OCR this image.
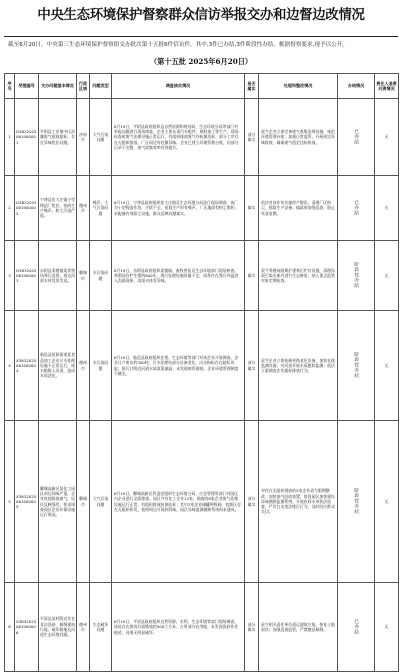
中央生态环境保护督察群众信访举报交办和边督边改情况
截至6月20日，中央第三生态环境保护督察组交办批次第十五批6件信访件，其中,3件已办结,3件阶段性办结，帐据督察要求,现予以公开。
（第十五批 2025年6月20日）
序号	受理编号	交办问题基本情况	行政区域	问题类型	调查核实情况	是否属实	处理和整改情况	办结情况	责任人追责问责情况
1	D3B32025061900001	平阴县工业集中区涉嫌废气排放超标，存在异味扰民问题。	济南市	大气污染问题	6月19日，平阴县政府组织县自然资源和规划局、生态环境分局等部门对举报问题进行现场调查。企业主要从事汽车配件、钢材加工等生产，现场检查时废气治理设施正常运行，有组织排放废气经检测达标；部分工序存在无组织排放，厂区周边有轻微异味。企业已建立环境管理台账，但部分记录不完整，废气收集效率有待提升。	部分属实	责令企业立即完善废气收集治理设施，规范环境管理台账；加强日常监管，开展周边异味排查，确保废气稳定达标排放。	已办结	无
2	D3B32025061900002	宁津县张大庄镇小型铸造厂扰民，夜间生产噪声、粉尘污染严重。	德州市	噪声、大气污染问题	6月19日，宁津县政府组织张大庄镇及生态环境分局进行现场调查。该厂为小型铸造作坊，手续不全，夜间生产时有噪声，厂区地面有粉尘堆积，未配备有效除尘设施，群众反映问题属实。	属实	依法对该作坊实施停产整治，清理厂区粉尘，拆除生产设备；镇政府加强巡查，防止死灰复燃。	已办结	无
3	D3B32025061900003	东阿县姜楼镇某养殖场粪污直排，周边沟渠水体发黑发臭。	聊城市	水污染问题	6月19日，东阿县政府组织姜楼镇、畜牧兽医及生态环境部门现场核查。养殖场存栏生猪约800头，粪污处理设施容量不足，雨季存在粪污外溢进入沟渠现象，沟渠水体有异味。	属实	责令养殖场限期扩建粪污贮存设施，清理沟渠污染水体并进行生态修复；纳入重点监管对象定期检查。	阶段性办结	无
4	X3B32025061900004	临邑县恒源街道某食品加工企业污水处理设施不正常运行，废水偷排入河道，造成水质恶化。	德州市	水污染问题	6月19日，临邑县政府组织住建、生态环境等部门对该企业开展调查。企业日产废水约300吨，污水处理站部分设备老化，出水指标存在超标风险；排污口附近河道水质氨氮偏高，未发现暗管偷排。企业环境管理制度不健全。	部分属实	责令企业立即检修更换老化设备，加装在线监测设施；对河道开展水质跟踪监测；依法立案调查企业超标排放行为。	阶段性办结	无
5	X3B32025061900005	聊城高新区某化工园区周边异味严重，企业夜间排放废气，居民反映强烈，要求调查园区企业环保设施运行情况。	聊城市	大气污染问题	6月19日，聊城高新区管委会组织生态环境分局、应急管理等部门对园区内企业进行全面排查。园区共有化工企业12家，抽查的8家企业废气处理设施运行正常，有组织排放检测达标；其中2家企业储罐呼吸阀、装卸区存在无组织挥发，夜间周边可闻到异味。园区异味监测溯源系统尚未建成。	部分属实	对存在无组织排放的2家企业责令限期整改，加装油气回收装置；督促园区加快建设异味溯源监测系统；开展夜间专项执法检查，严厉打击违法排污行为，及时回应群众关切。	阶段性办结	无
6	X3B32025061900006	平原县某村附近存在非法洗砂、倾倒建筑垃圾，破坏耕地及河道生态环境问题。	德州市	生态破坏问题	6月19日，平原县政府组织自然资源、水利、生态环境等部门现场调查。该处存在建筑垃圾堆放约500立方米，占用部分农用地；未发现洗砂作业痕迹，河道无明显破坏。	部分属实	责令相关责任单位清运建筑垃圾，恢复土地原状；加强巡查监管，严禁随意倾倒。	已办结	无
